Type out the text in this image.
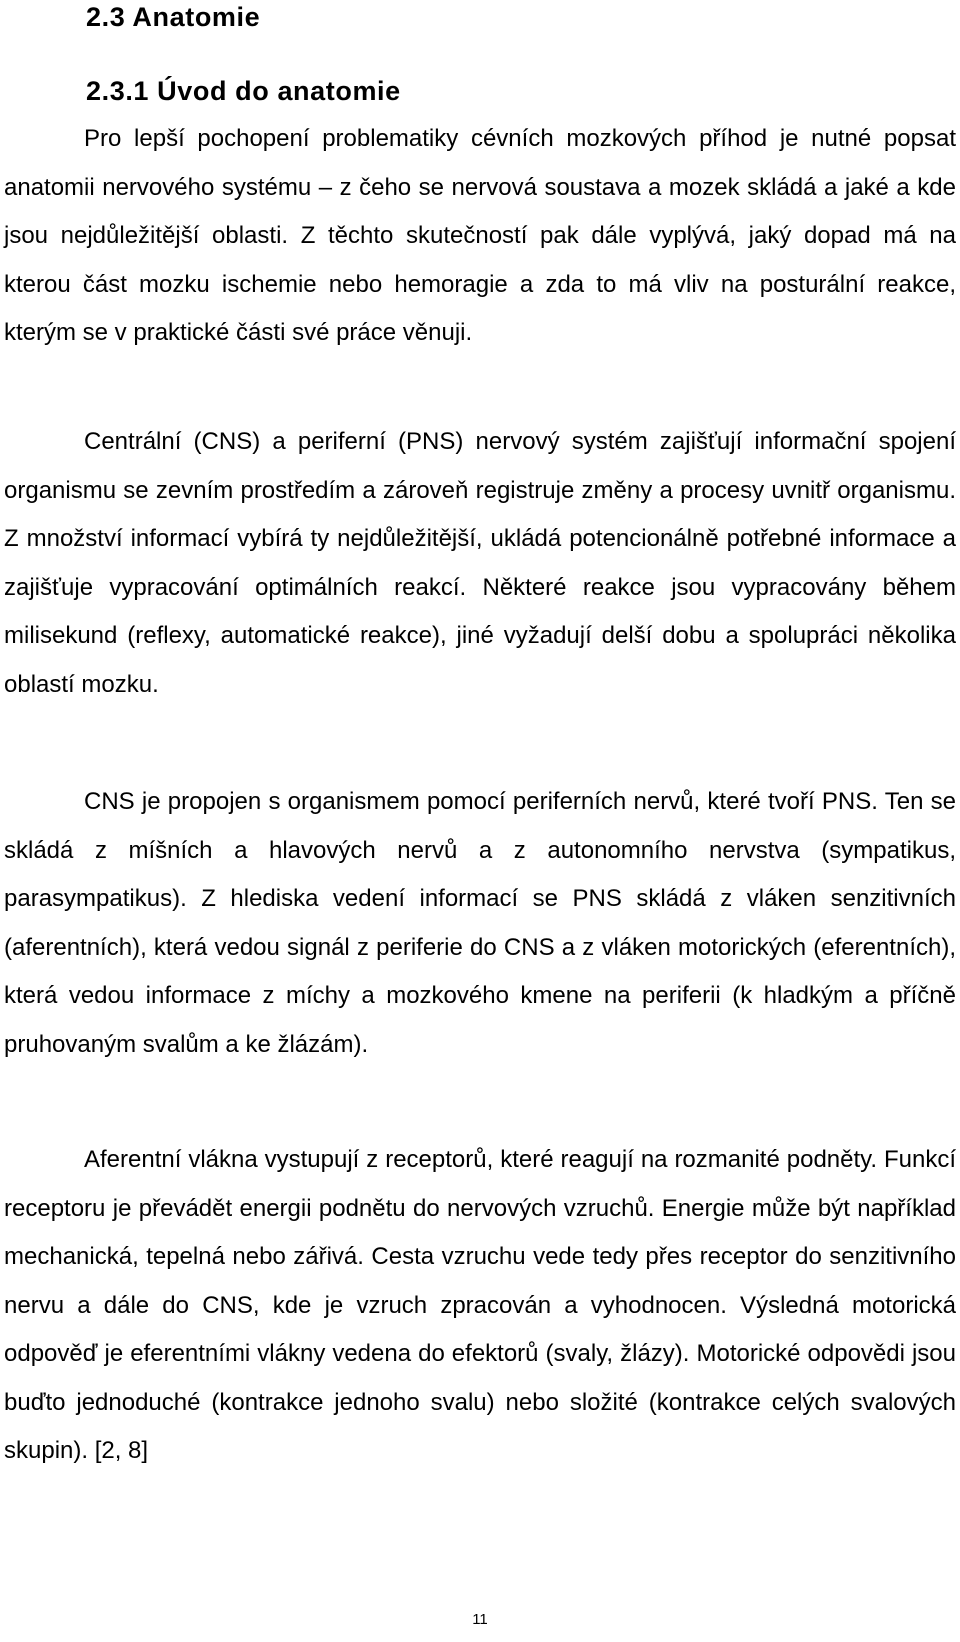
2.3 Anatomie
2.3.1 Úvod do anatomie

Pro lepší pochopení problematiky cévních mozkových příhod je nutné popsat anatomii nervového systému – z čeho se nervová soustava a mozek skládá a jaké a kde jsou nejdůležitější oblasti. Z těchto skutečností pak dále vyplývá, jaký dopad má na kterou část mozku ischemie nebo hemoragie a zda to má vliv na posturální reakce, kterým se v praktické části své práce věnuji.

Centrální (CNS) a periferní (PNS) nervový systém zajišťují informační spojení organismu se zevním prostředím a zároveň registruje změny a procesy uvnitř organismu. Z množství informací vybírá ty nejdůležitější, ukládá potencionálně potřebné informace a zajišťuje vypracování optimálních reakcí. Některé reakce jsou vypracovány během milisekund (reflexy, automatické reakce), jiné vyžadují delší dobu a spolupráci několika oblastí mozku.

CNS je propojen s organismem pomocí periferních nervů, které tvoří PNS. Ten se skládá z míšních a hlavových nervů a z autonomního nervstva (sympatikus, parasympatikus). Z hlediska vedení informací se PNS skládá z vláken senzitivních (aferentních), která vedou signál z periferie do CNS a z vláken motorických (eferentních), která vedou informace z míchy a mozkového kmene na periferii (k hladkým a příčně pruhovaným svalům a ke žlázám).

Aferentní vlákna vystupují z receptorů, které reagují na rozmanité podněty. Funkcí receptoru je převádět energii podnětu do nervových vzruchů. Energie může být například mechanická, tepelná nebo zářivá. Cesta vzruchu vede tedy přes receptor do senzitivního nervu a dále do CNS, kde je vzruch zpracován a vyhodnocen. Výsledná motorická odpověď je eferentními vlákny vedena do efektorů (svaly, žlázy). Motorické odpovědi jsou buďto jednoduché (kontrakce jednoho svalu) nebo složité (kontrakce celých svalových skupin). [2, 8]

11
